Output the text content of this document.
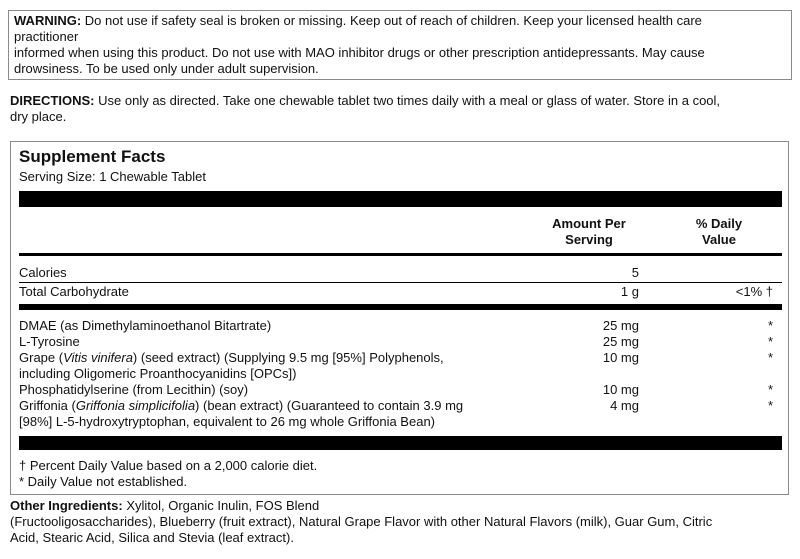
WARNING: Do not use if safety seal is broken or missing. Keep out of reach of children. Keep your licensed health care

practitioner

informed when using this product. Do not use with MAO inhibitor drugs or other prescription antidepressants. May cause

drowsiness. To be used only under adult supervision.

DIRECTIONS: Use only as directed. Take one chewable tablet two times daily with a meal or glass of water. Store in a cool,

dry place.

Supplement Facts
Serving Size: 1 Chewable Tablet
Amount Per
Serving
% Daily
Value
Calories	5
Total Carbohydrate	1 g	<1% †
DMAE (as Dimethylaminoethanol Bitartrate)	25 mg	*
L-Tyrosine	25 mg	*
Grape (Vitis vinifera) (seed extract) (Supplying 9.5 mg [95%] Polyphenols,	10 mg	*
including Oligomeric Proanthocyanidins [OPCs])
Phosphatidylserine (from Lecithin) (soy)	10 mg	*
Griffonia (Griffonia simplicifolia) (bean extract) (Guaranteed to contain 3.9 mg	4 mg	*
[98%] L-5-hydroxytryptophan, equivalent to 26 mg whole Griffonia Bean)
† Percent Daily Value based on a 2,000 calorie diet.
* Daily Value not established.

Other Ingredients: Xylitol, Organic Inulin, FOS Blend

(Fructooligosaccharides), Blueberry (fruit extract), Natural Grape Flavor with other Natural Flavors (milk), Guar Gum, Citric

Acid, Stearic Acid, Silica and Stevia (leaf extract).
